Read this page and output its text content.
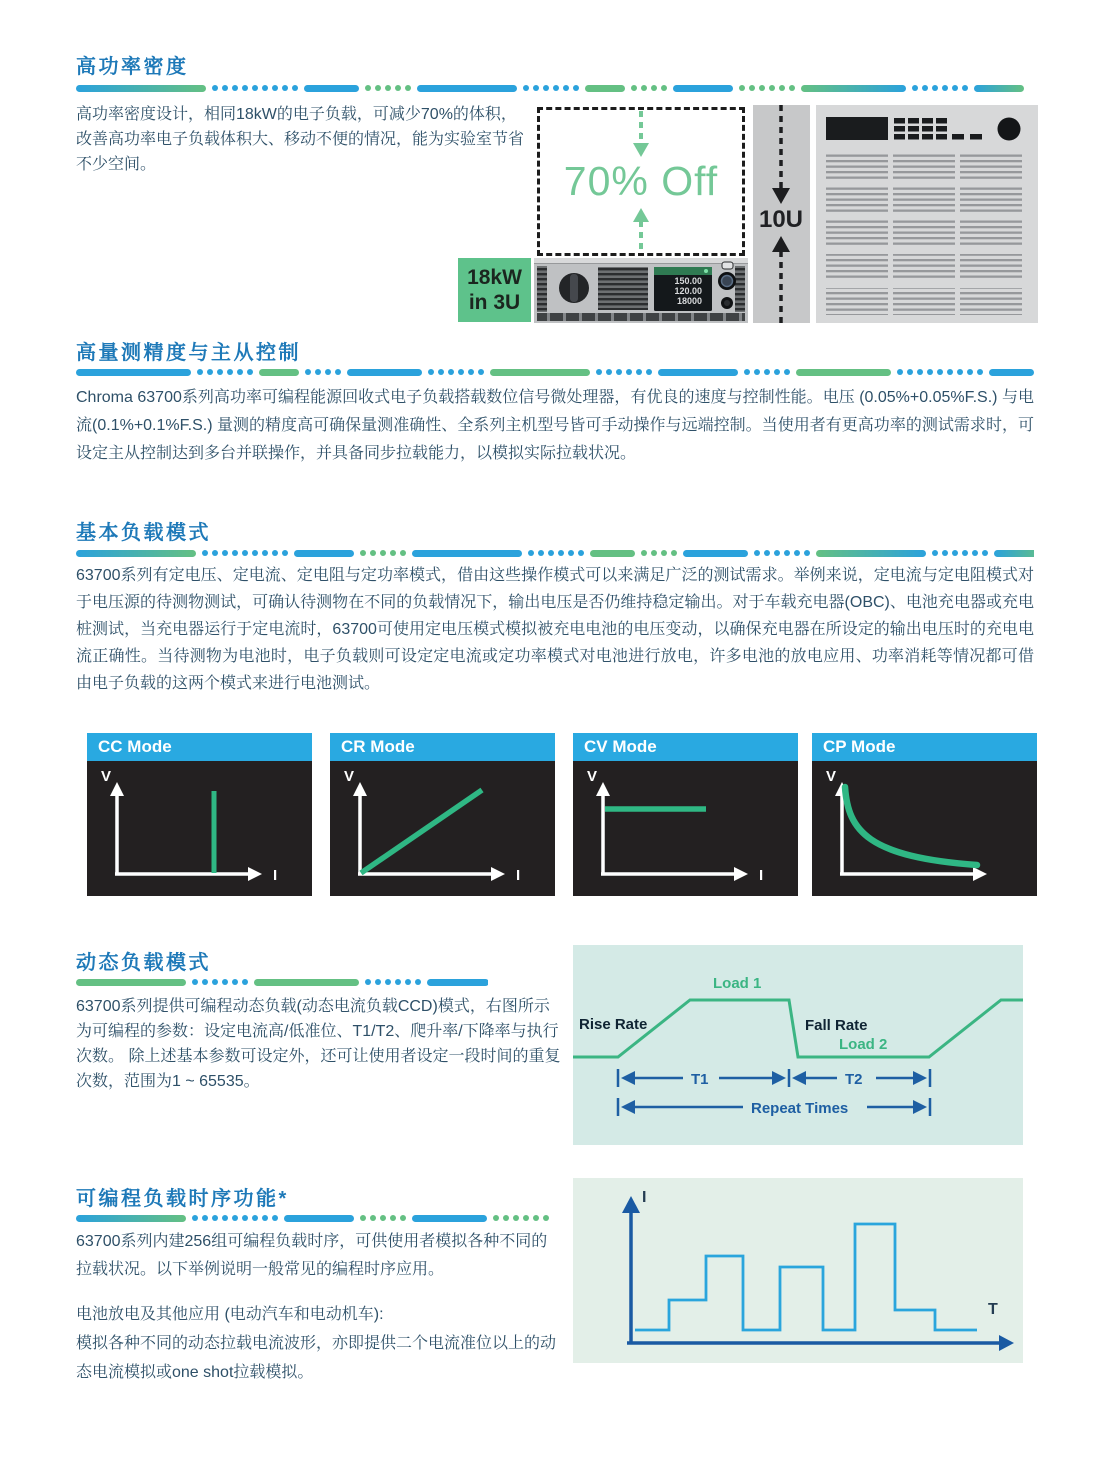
高功率密度
高功率密度设计，相同18kW的电子负载，可减少70%的体积，改善高功率电子负载体积大、移动不便的情况，能为实验室节省不少空间。	70% Off
18kW
in 3U
150.00
120.00
18000
10U
高量测精度与主从控制
Chroma 63700系列高功率可编程能源回收式电子负载搭载数位信号微处理器，有优良的速度与控制性能。电压 (0.05%+0.05%F.S.) 与电流(0.1%+0.1%F.S.) 量测的精度高可确保量测准确性、全系列主机型号皆可手动操作与远端控制。当使用者有更高功率的测试需求时，可设定主从控制达到多台并联操作，并具备同步拉载能力，以模拟实际拉载状况。
基本负载模式
63700系列有定电压、定电流、定电阻与定功率模式，借由这些操作模式可以来满足广泛的测试需求。举例来说，定电流与定电阻模式对于电压源的待测物测试，可确认待测物在不同的负载情况下，输出电压是否仍维持稳定输出。对于车载充电器(OBC)、电池充电器或充电桩测试，当充电器运行于定电流时，63700可使用定电压模式模拟被充电电池的电压变动，以确保充电器在所设定的输出电压时的充电电流正确性。当待测物为电池时，电子负载则可设定定电流或定功率模式对电池进行放电，许多电池的放电应用、功率消耗等情况都可借由电子负载的这两个模式来进行电池测试。
CC Mode
V
I
CR Mode
V
I
CV Mode
V
I
CP Mode
V
动态负载模式
63700系列提供可编程动态负载(动态电流负载CCD)模式，右图所示为可编程的参数：设定电流高/低准位、T1/T2、爬升率/下降率与执行次数。 除上述基本参数可设定外，还可让使用者设定一段时间的重复次数，范围为1 ~ 65535。
Load 1
Load 2
Rise Rate	Fall Rate
T1	T2
Repeat Times
可编程负载时序功能*
63700系列内建256组可编程负载时序，可供使用者模拟各种不同的拉载状况。以下举例说明一般常见的编程时序应用。
电池放电及其他应用 (电动汽车和电动机车):
模拟各种不同的动态拉载电流波形，亦即提供二个电流准位以上的动态电流模拟或one shot拉载模拟。
I
T
